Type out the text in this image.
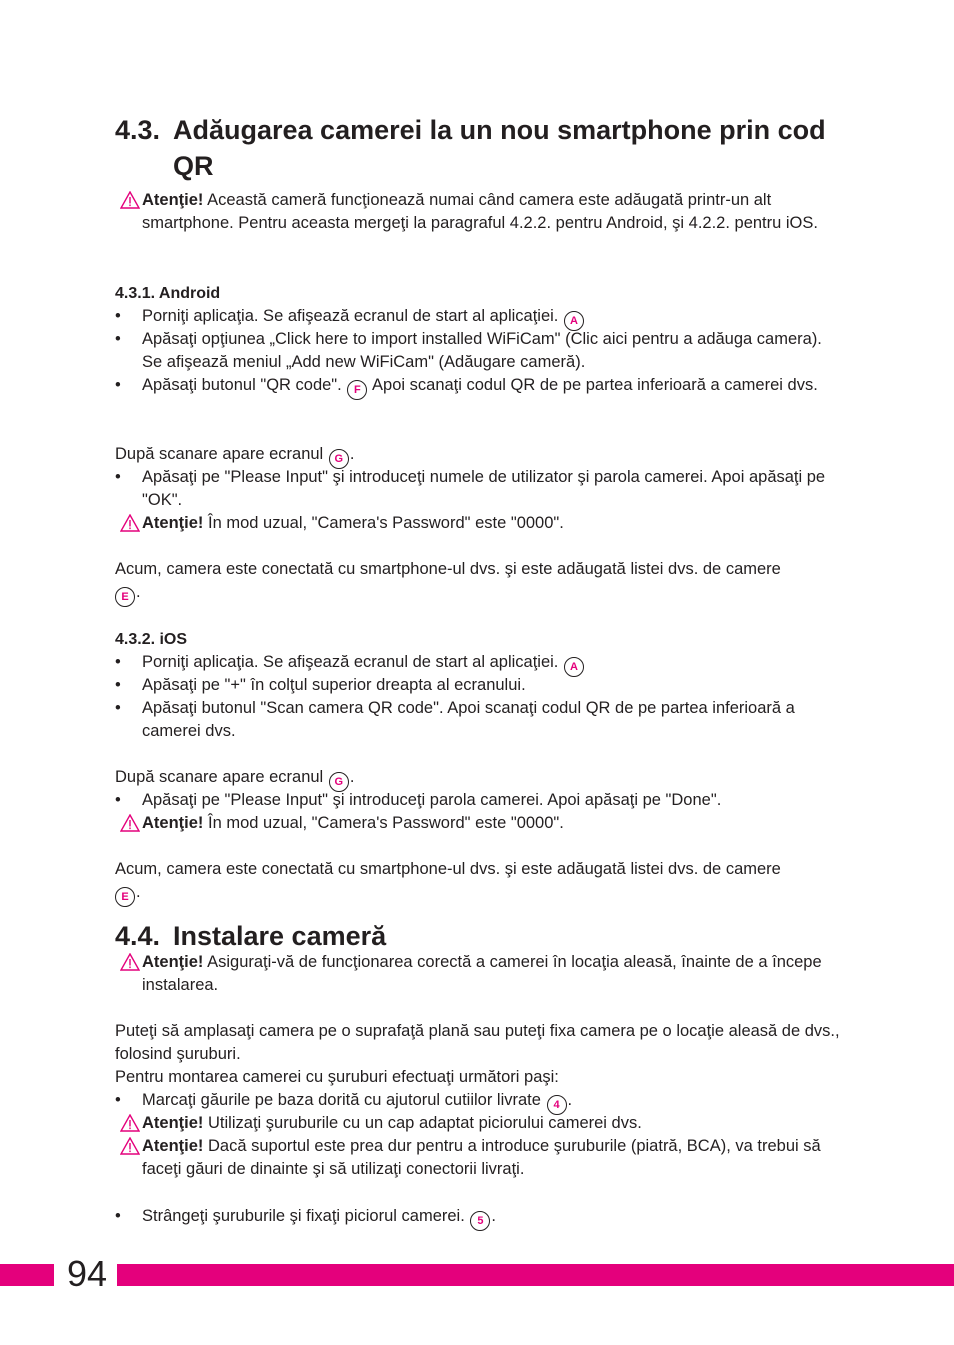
4.3. Adăugarea camerei la un nou smartphone prin cod
QR
Atenţie! Această cameră funcţionează numai când camera este adăugată printr-un alt smartphone. Pentru aceasta mergeţi la paragraful 4.2.2. pentru Android, şi 4.2.2. pentru iOS.
4.3.1. Android
•	Porniţi aplicaţia. Se afişează ecranul de start al aplicaţiei. A
•	Apăsaţi opţiunea „Click here to import installed WiFiCam" (Clic aici pentru a adăuga camera). Se afişează meniul „Add new WiFiCam" (Adăugare cameră).
•	Apăsaţi butonul "QR code". F Apoi scanaţi codul QR de pe partea inferioară a camerei dvs.

După scanare apare ecranul G .

•	Apăsaţi pe "Please Input" şi introduceţi numele de utilizator şi parola camerei. Apoi apăsaţi pe "OK".
Atenţie! În mod uzual, "Camera's Password" este "0000".

Acum, camera este conectată cu smartphone-ul dvs. şi este adăugată listei dvs. de camere
E .

4.3.2. iOS
•	Porniţi aplicaţia. Se afişează ecranul de start al aplicaţiei. A
•	Apăsaţi pe "+" în colţul superior dreapta al ecranului.
•	Apăsaţi butonul "Scan camera QR code". Apoi scanaţi codul QR de pe partea inferioară a camerei dvs.

După scanare apare ecranul G .

•	Apăsaţi pe "Please Input" şi introduceţi parola camerei. Apoi apăsaţi pe "Done".
Atenţie! În mod uzual, "Camera's Password" este "0000".

Acum, camera este conectată cu smartphone-ul dvs. şi este adăugată listei dvs. de camere
E .

4.4. Instalare cameră
Atenţie! Asiguraţi-vă de funcţionarea corectă a camerei în locaţia aleasă, înainte de a începe instalarea.

Puteţi să amplasaţi camera pe o suprafaţă plană sau puteţi fixa camera pe o locaţie aleasă de dvs., folosind şuruburi.

Pentru montarea camerei cu şuruburi efectuaţi următori paşi:

•	Marcaţi găurile pe baza dorită cu ajutorul cutiilor livrate 4 .
Atenţie! Utilizaţi şuruburile cu un cap adaptat piciorului camerei dvs.
Atenţie! Dacă suportul este prea dur pentru a introduce şuruburile (piatră, BCA), va trebui să faceţi găuri de dinainte şi să utilizaţi conectorii livraţi.
•	Strângeţi şuruburile şi fixaţi piciorul camerei. 5 .
94
